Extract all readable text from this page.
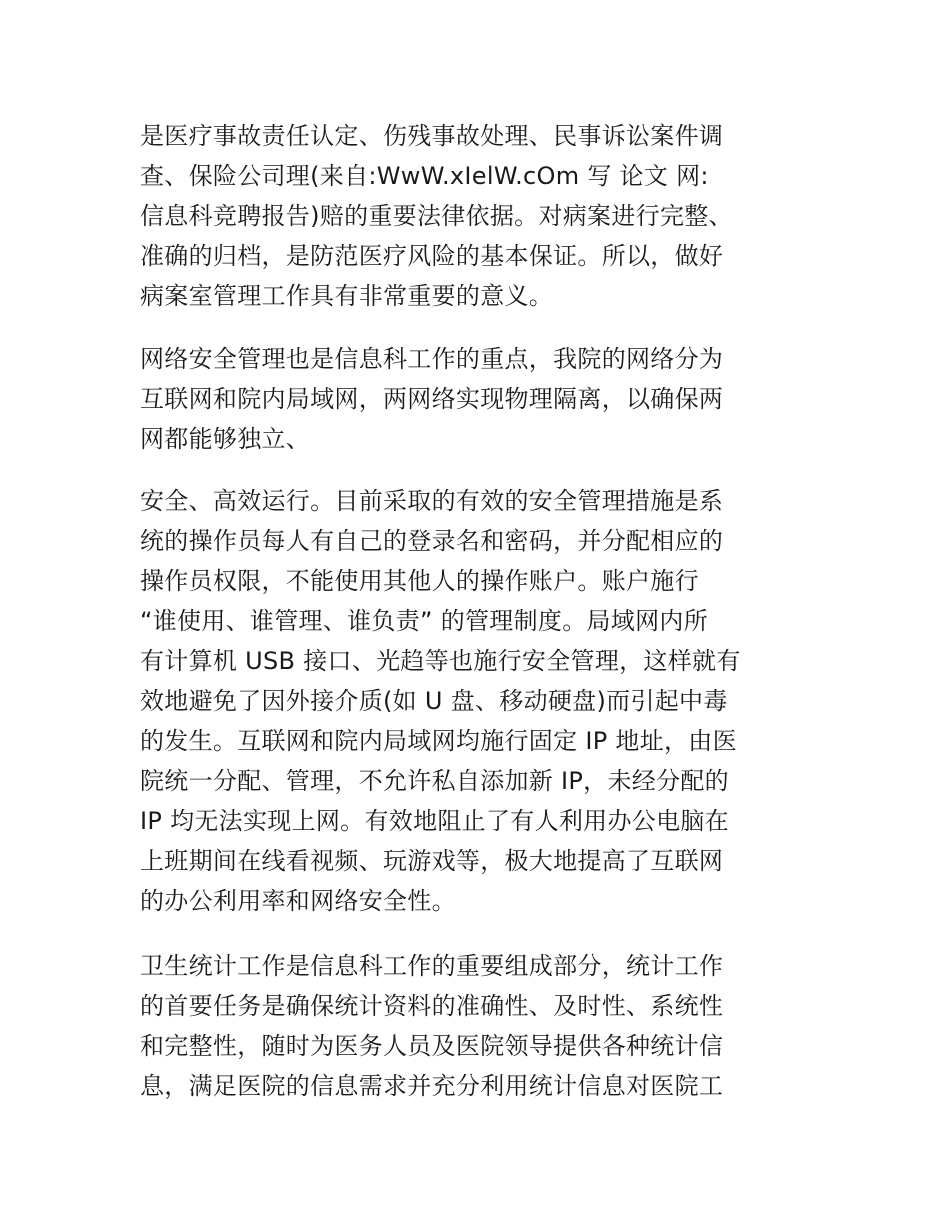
是医疗事故责任认定、伤残事故处理、民事诉讼案件调
查、保险公司理(来自:WwW.xIelW.cOm 写 论文 网:
信息科竞聘报告)赔的重要法律依据。对病案进行完整、
准确的归档，是防范医疗风险的基本保证。所以，做好
病案室管理工作具有非常重要的意义。

网络安全管理也是信息科工作的重点，我院的网络分为
互联网和院内局域网，两网络实现物理隔离，以确保两
网都能够独立、

安全、高效运行。目前采取的有效的安全管理措施是系
统的操作员每人有自己的登录名和密码，并分配相应的
操作员权限，不能使用其他人的操作账户。账户施行
“谁使用、谁管理、谁负责” 的管理制度。局域网内所
有计算机 USB 接口、光趋等也施行安全管理，这样就有
效地避免了因外接介质(如 U 盘、移动硬盘)而引起中毒
的发生。互联网和院内局域网均施行固定 IP 地址，由医
院统一分配、管理，不允许私自添加新 IP，未经分配的
IP 均无法实现上网。有效地阻止了有人利用办公电脑在
上班期间在线看视频、玩游戏等，极大地提高了互联网
的办公利用率和网络安全性。

卫生统计工作是信息科工作的重要组成部分，统计工作
的首要任务是确保统计资料的准确性、及时性、系统性
和完整性，随时为医务人员及医院领导提供各种统计信
息，满足医院的信息需求并充分利用统计信息对医院工
